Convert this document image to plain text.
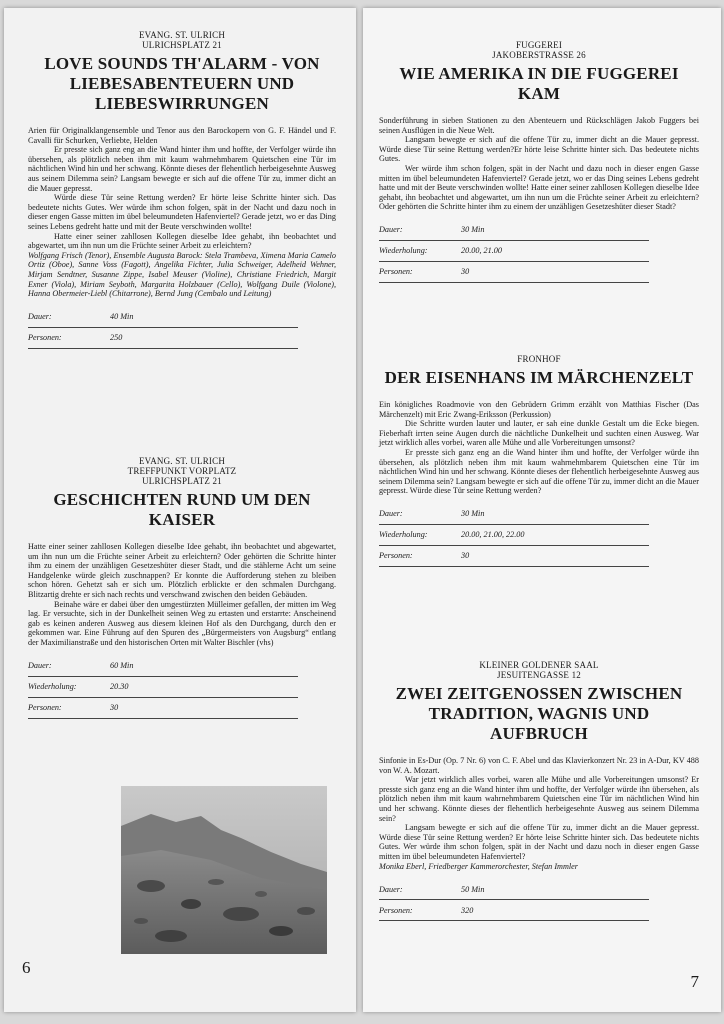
EVANG. ST. ULRICH
ULRICHSPLATZ 21
LOVE SOUNDS TH'ALARM - VON LIEBESABENTEUERN UND LIEBESWIRRUNGEN

Arien für Originalklangensemble und Tenor aus den Barockopern von G. F. Händel und F. Cavalli für Schurken, Verliebte, Helden

Er presste sich ganz eng an die Wand hinter ihm und hoffte, der Verfolger würde ihn übersehen, als plötzlich neben ihm mit kaum wahrnehmbarem Quietschen eine Tür im nächtlichen Wind hin und her schwang. Könnte dieses der flehentlich herbeigesehnte Ausweg aus seinem Dilemma sein? Langsam bewegte er sich auf die offene Tür zu, immer dicht an die Mauer gepresst.

Würde diese Tür seine Rettung werden? Er hörte leise Schritte hinter sich. Das bedeutete nichts Gutes. Wer würde ihm schon folgen, spät in der Nacht und dazu noch in dieser engen Gasse mitten im übel beleumundeten Hafenviertel? Gerade jetzt, wo er das Ding seines Lebens gedreht hatte und mit der Beute verschwinden wollte!

Hatte einer seiner zahllosen Kollegen dieselbe Idee gehabt, ihn beobachtet und abgewartet, um ihn nun um die Früchte seiner Arbeit zu erleichtern?

Wolfgang Frisch (Tenor), Ensemble Augusta Barock: Stela Trambeva, Ximena Maria Camelo Ortiz (Oboe), Sanne Voss (Fagott), Angelika Fichter, Julia Schweiger, Adelheid Wehner, Mirjam Sendtner, Susanne Zippe, Isabel Meuser (Violine), Christiane Friedrich, Margit Exner (Viola), Miriam Seyboth, Margarita Holzbauer (Cello), Wolfgang Duile (Violone), Hanna Obermeier-Liebl (Chitarrone), Bernd Jung (Cembalo und Leitung)

Dauer:	40 Min
Personen:	250
EVANG. ST. ULRICH
TREFFPUNKT VORPLATZ
ULRICHSPLATZ 21
GESCHICHTEN RUND UM DEN KAISER

Hatte einer seiner zahllosen Kollegen dieselbe Idee gehabt, ihn beobachtet und abgewartet, um ihn nun um die Früchte seiner Arbeit zu erleichtern? Oder gehörten die Schritte hinter ihm zu einem der unzähligen Gesetzeshüter dieser Stadt, und die stählerne Acht um seine Handgelenke würde gleich zuschnappen? Er konnte die Aufforderung stehen zu bleiben schon hören. Gehetzt sah er sich um. Plötzlich erblickte er den schmalen Durchgang. Blitzartig drehte er sich nach rechts und verschwand zwischen den beiden Gebäuden.

Beinahe wäre er dabei über den umgestürzten Mülleimer gefallen, der mitten im Weg lag. Er versuchte, sich in der Dunkelheit seinen Weg zu ertasten und erstarrte: Anscheinend gab es keinen anderen Ausweg aus diesem kleinen Hof als den Durchgang, durch den er gekommen war. Eine Führung auf den Spuren des „Bürgermeisters von Augsburg“ entlang der Maximilianstraße und den historischen Orten mit Walter Bischler (vhs)

Dauer:	60 Min
Wiederholung:	20.30
Personen:	30
6
FUGGEREI
JAKOBERSTRASSE 26
WIE AMERIKA IN DIE FUGGEREI KAM

Sonderführung in sieben Stationen zu den Abenteuern und Rückschlägen Jakob Fuggers bei seinen Ausflügen in die Neue Welt.

Langsam bewegte er sich auf die offene Tür zu, immer dicht an die Mauer gepresst. Würde diese Tür seine Rettung werden?Er hörte leise Schritte hinter sich. Das bedeutete nichts Gutes.

Wer würde ihm schon folgen, spät in der Nacht und dazu noch in dieser engen Gasse mitten im übel beleumundeten Hafenviertel? Gerade jetzt, wo er das Ding seines Lebens gedreht hatte und mit der Beute verschwinden wollte! Hatte einer seiner zahllosen Kollegen dieselbe Idee gehabt, ihn beobachtet und abgewartet, um ihn nun um die Früchte seiner Arbeit zu erleichtern? Oder gehörten die Schritte hinter ihm zu einem der unzähligen Gesetzeshüter dieser Stadt?

Dauer:	30 Min
Wiederholung:	20.00, 21.00
Personen:	30
FRONHOF
DER EISENHANS IM MÄRCHENZELT

Ein königliches Roadmovie von den Gebrüdern Grimm erzählt von Matthias Fischer (Das Märchenzelt) mit Eric Zwang-Eriksson (Perkussion)

Die Schritte wurden lauter und lauter, er sah eine dunkle Gestalt um die Ecke biegen. Fieberhaft irrten seine Augen durch die nächtliche Dunkelheit und suchten einen Ausweg. War jetzt wirklich alles vorbei, waren alle Mühe und alle Vorbereitungen umsonst?

Er presste sich ganz eng an die Wand hinter ihm und hoffte, der Verfolger würde ihn übersehen, als plötzlich neben ihm mit kaum wahrnehmbarem Quietschen eine Tür im nächtlichen Wind hin und her schwang. Könnte dieses der flehentlich herbeigesehnte Ausweg aus seinem Dilemma sein? Langsam bewegte er sich auf die offene Tür zu, immer dicht an die Mauer gepresst. Würde diese Tür seine Rettung werden?

Dauer:	30 Min
Wiederholung:	20.00, 21.00, 22.00
Personen:	30
KLEINER GOLDENER SAAL
JESUITENGASSE 12
ZWEI ZEITGENOSSEN ZWISCHEN TRADITION, WAGNIS UND AUFBRUCH

Sinfonie in Es-Dur (Op. 7 Nr. 6) von C. F. Abel und das Klavierkonzert Nr. 23 in A-Dur, KV 488 von W. A. Mozart.

War jetzt wirklich alles vorbei, waren alle Mühe und alle Vorbereitungen umsonst? Er presste sich ganz eng an die Wand hinter ihm und hoffte, der Verfolger würde ihn übersehen, als plötzlich neben ihm mit kaum wahrnehmbarem Quietschen eine Tür im nächtlichen Wind hin und her schwang. Könnte dieses der flehentlich herbeigesehnte Ausweg aus seinem Dilemma sein?

Langsam bewegte er sich auf die offene Tür zu, immer dicht an die Mauer gepresst. Würde diese Tür seine Rettung werden? Er hörte leise Schritte hinter sich. Das bedeutete nichts Gutes. Wer würde ihm schon folgen, spät in der Nacht und dazu noch in dieser engen Gasse mitten im übel beleumundeten Hafenviertel?

Monika Eberl, Friedberger Kammerorchester, Stefan Immler

Dauer:	50 Min
Personen:	320
7
